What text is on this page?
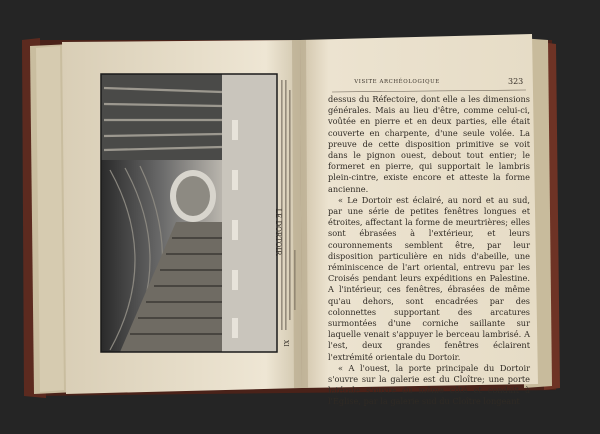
LE DORTOIR
XI
VISITE ARCHÉOLOGIQUE	323

dessus du Réfectoire, dont elle a les dimensions générales. Mais au lieu d'être, comme celui-ci, voûtée en pierre et en deux parties, elle était couverte en charpente, d'une seule volée. La preuve de cette disposition primitive se voit dans le pignon ouest, debout tout entier; le formeret en pierre, qui supportait le lambris plein-cintre, existe encore et atteste la forme ancienne.

« Le Dortoir est éclairé, au nord et au sud, par une série de petites fenêtres longues et étroites, affectant la forme de meurtrières; elles sont ébrasées à l'extérieur, et leurs couronnements semblent être, par leur disposition particulière en nids d'abeille, une réminiscence de l'art oriental, entrevu par les Croisés pendant leurs expéditions en Palestine. A l'intérieur, ces fenêtres, ébrasées de même qu'au dehors, sont encadrées par des colonnettes supportant des arcatures surmontées d'une corniche saillante sur laquelle venait s'appuyer le berceau lambrisé. A l'est, deux grandes fenêtres éclairent l'extrémité orientale du Dortoir.

« A l'ouest, la porte principale du Dortoir s'ouvre sur la galerie est du Cloître; une porte latérale s'ouvre du même côté et conduit à l'Église, par la galerie sud du Cloître longeant
